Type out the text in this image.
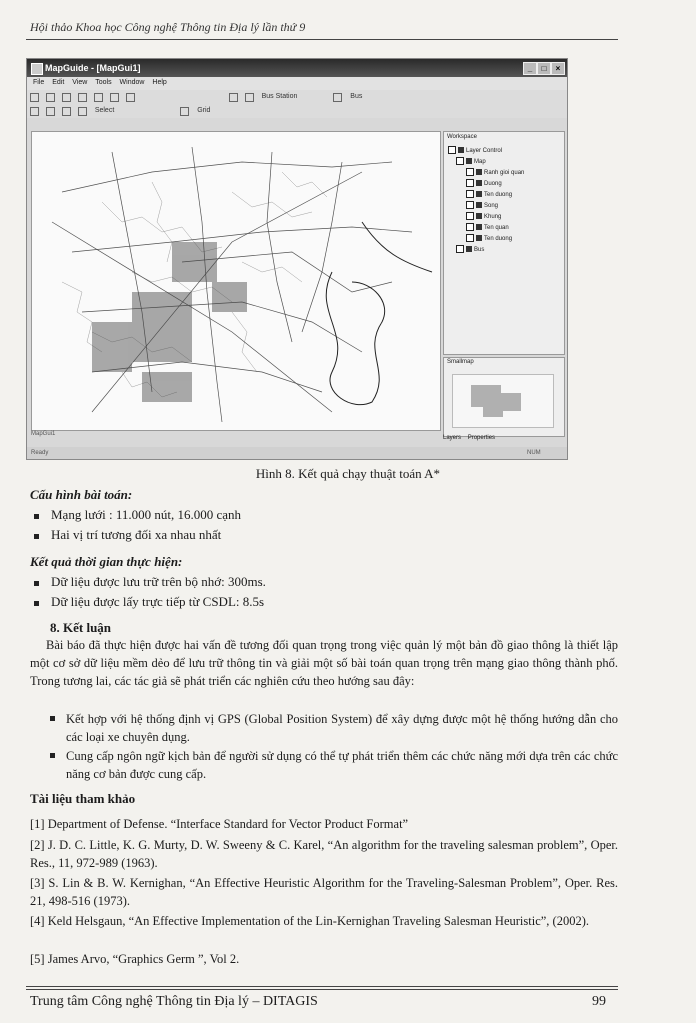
Hội thảo Khoa học Công nghệ Thông tin Địa lý lần thứ 9
MapGuide - [MapGui1]	_	□	×
File Edit View Tools Window Help
Bus Station	Bus
Select	Grid
MapGui1
Workspace
Layer Control
Map
Ranh gioi quan
Duong
Ten duong
Song
Khung
Ten quan
Ten duong
Bus
Smallmap
Layers Properties
Ready	NUM
Hình 8. Kết quả chạy thuật toán A*
Cấu hình bài toán:
Mạng lưới : 11.000 nút, 16.000 cạnh
Hai vị trí tương đối xa nhau nhất
Kết quả thời gian thực hiện:
Dữ liệu được lưu trữ trên bộ nhớ: 300ms.
Dữ liệu được lấy trực tiếp từ CSDL: 8.5s
8. Kết luận
Bài báo đã thực hiện được hai vấn đề tương đối quan trọng trong việc quản lý một bản đồ giao thông là thiết lập một cơ sở dữ liệu mềm dẻo để lưu trữ thông tin và giải một số bài toán quan trọng trên mạng giao thông thành phố. Trong tương lai, các tác giả sẽ phát triển các nghiên cứu theo hướng sau đây:
Kết hợp với hệ thống định vị GPS (Global Position System) để xây dựng được một hệ thống hướng dẫn cho các loại xe chuyên dụng.
Cung cấp ngôn ngữ kịch bản để người sử dụng có thể tự phát triển thêm các chức năng mới dựa trên các chức năng cơ bản được cung cấp.
Tài liệu tham khảo
[1] Department of Defense. “Interface Standard for Vector Product Format”
[2] J. D. C. Little, K. G. Murty, D. W. Sweeny & C. Karel, “An algorithm for the traveling salesman problem”, Oper. Res., 11, 972-989 (1963).
[3] S. Lin & B. W. Kernighan, “An Effective Heuristic Algorithm for the Traveling-Salesman Problem”, Oper. Res. 21, 498-516 (1973).
[4] Keld Helsgaun, “An Effective Implementation of the Lin-Kernighan Traveling Salesman Heuristic”, (2002).
[5] James Arvo, “Graphics Germ ”, Vol 2.
Trung tâm Công nghệ Thông tin Địa lý – DITAGIS	99
